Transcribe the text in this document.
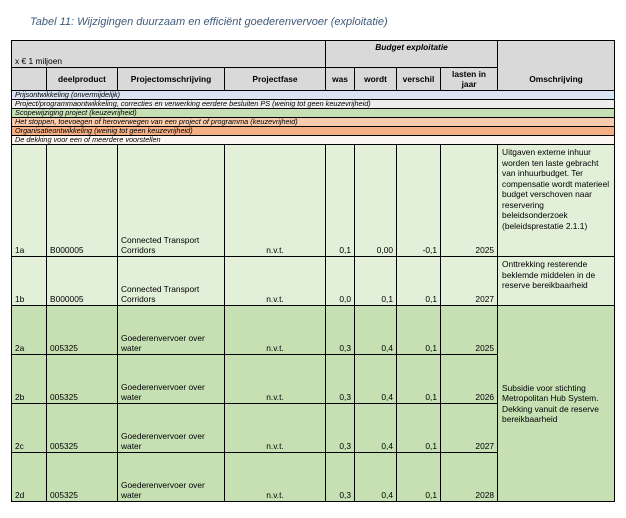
Tabel 11: Wijzigingen duurzaam en efficiënt goederenvervoer (exploitatie)
x € 1 miljoen				Budget exploitatie				
	deelproduct	Projectomschrijving	Projectfase	was	wordt	verschil	lasten in jaar	Omschrijving
Prijsontwikkeling (onvermijdelijk)								
Project/programmaontwikkeling, correcties en verwerking eerdere besluiten PS (weinig tot geen keuzevrijheid)								
Scopewijziging project (keuzevrijheid)								
Het stoppen, toevoegen of heroverwegen van een project of programma (keuzevrijheid)								
Organisatieontwikkeling (weinig tot geen keuzevrijheid)								
De dekking voor een of meerdere voorstellen								
1a	B000005	Connected Transport Corridors	n.v.t.	0,1	0,00	-0,1	2025	Uitgaven externe inhuur worden ten laste gebracht van inhuurbudget. Ter compensatie wordt materieel budget verschoven naar reservering beleidsonderzoek (beleidsprestatie 2.1.1)
1b	B000005	Connected Transport Corridors	n.v.t.	0,0	0,1	0,1	2027	Onttrekking resterende beklemde middelen in de reserve bereikbaarheid
2a	005325	Goederenvervoer over water	n.v.t.	0,3	0,4	0,1	2025	Subsidie voor stichting Metropolitan Hub System. Dekking vanuit de reserve bereikbaarheid
2b	005325	Goederenvervoer over water	n.v.t.	0,3	0,4	0,1	2026	
2c	005325	Goederenvervoer over water	n.v.t.	0,3	0,4	0,1	2027	
2d	005325	Goederenvervoer over water	n.v.t.	0,3	0,4	0,1	2028	
